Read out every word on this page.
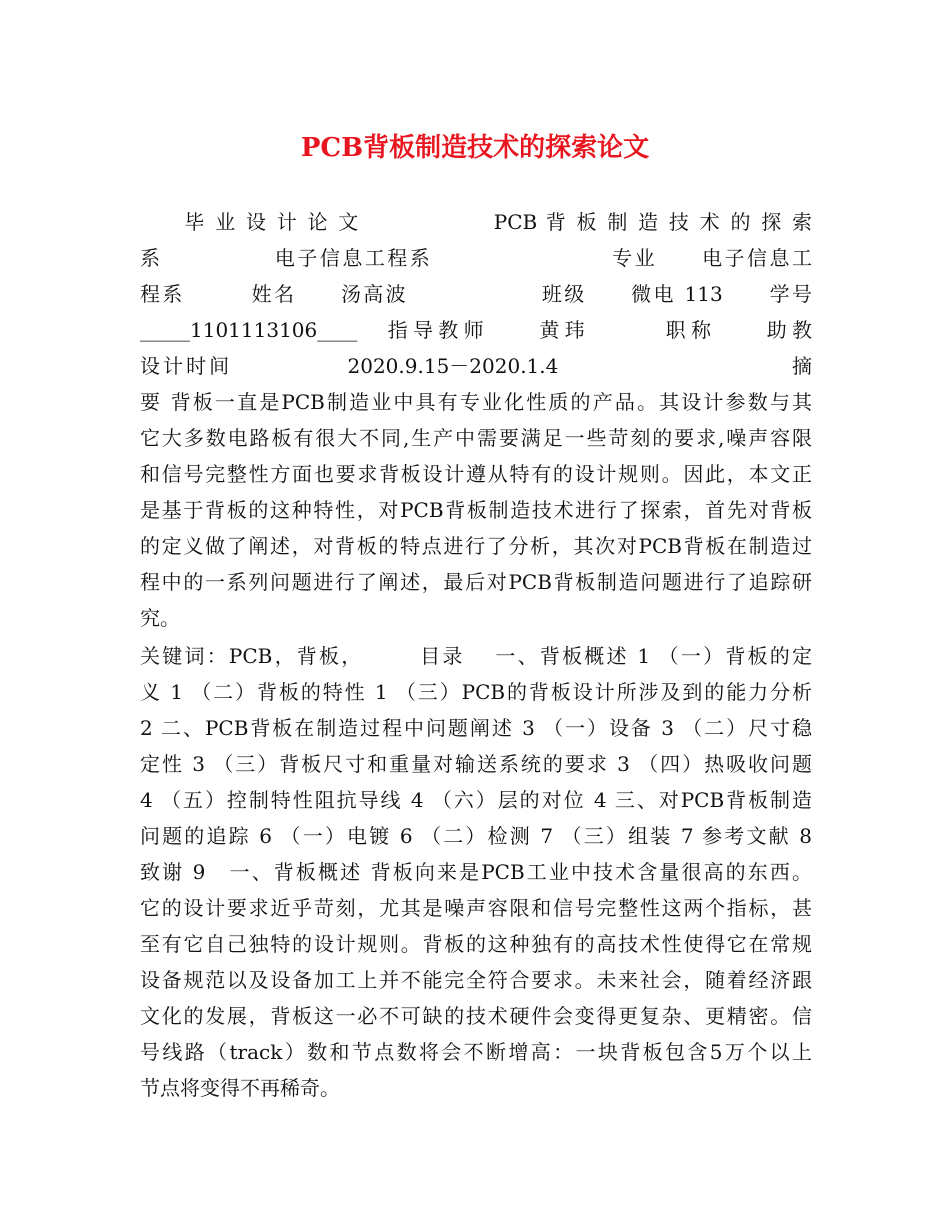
PCB背板制造技术的探索论文
　　毕 业 设 计 论 文　　　　　　PCB 背 板 制 造 技 术 的 探 索
系　　　　　电子信息工程系　　　　　　　　专业　　电子信息工
程系　　　姓名　　汤高波　　　　　　班级　　微电 113　　学号
_____1101113106____　指导教师　　黄玮　　　职称　　助教
设计时间　　　　　2020.9.15－2020.1.4　　　　　　　　　　摘
要 背板一直是PCB制造业中具有专业化性质的产品。其设计参数与其
它大多数电路板有很大不同,生产中需要满足一些苛刻的要求,噪声容限
和信号完整性方面也要求背板设计遵从特有的设计规则。因此，本文正
是基于背板的这种特性，对PCB背板制造技术进行了探索，首先对背板
的定义做了阐述，对背板的特点进行了分析，其次对PCB背板在制造过
程中的一系列问题进行了阐述，最后对PCB背板制造问题进行了追踪研
究。
关键词：PCB，背板，　　　目录　 一、背板概述 1 （一）背板的定
义 1 （二）背板的特性 1 （三）PCB的背板设计所涉及到的能力分析
2 二、PCB背板在制造过程中问题阐述 3 （一）设备 3 （二）尺寸稳
定性 3 （三）背板尺寸和重量对输送系统的要求 3 （四）热吸收问题
4 （五）控制特性阻抗导线 4 （六）层的对位 4 三、对PCB背板制造
问题的追踪 6 （一）电镀 6 （二）检测 7 （三）组装 7 参考文献 8
致谢 9　一、背板概述 背板向来是PCB工业中技术含量很高的东西。
它的设计要求近乎苛刻，尤其是噪声容限和信号完整性这两个指标，甚
至有它自己独特的设计规则。背板的这种独有的高技术性使得它在常规
设备规范以及设备加工上并不能完全符合要求。未来社会，随着经济跟
文化的发展，背板这一必不可缺的技术硬件会变得更复杂、更精密。信
号线路（track）数和节点数将会不断增高：一块背板包含5万个以上
节点将变得不再稀奇。
